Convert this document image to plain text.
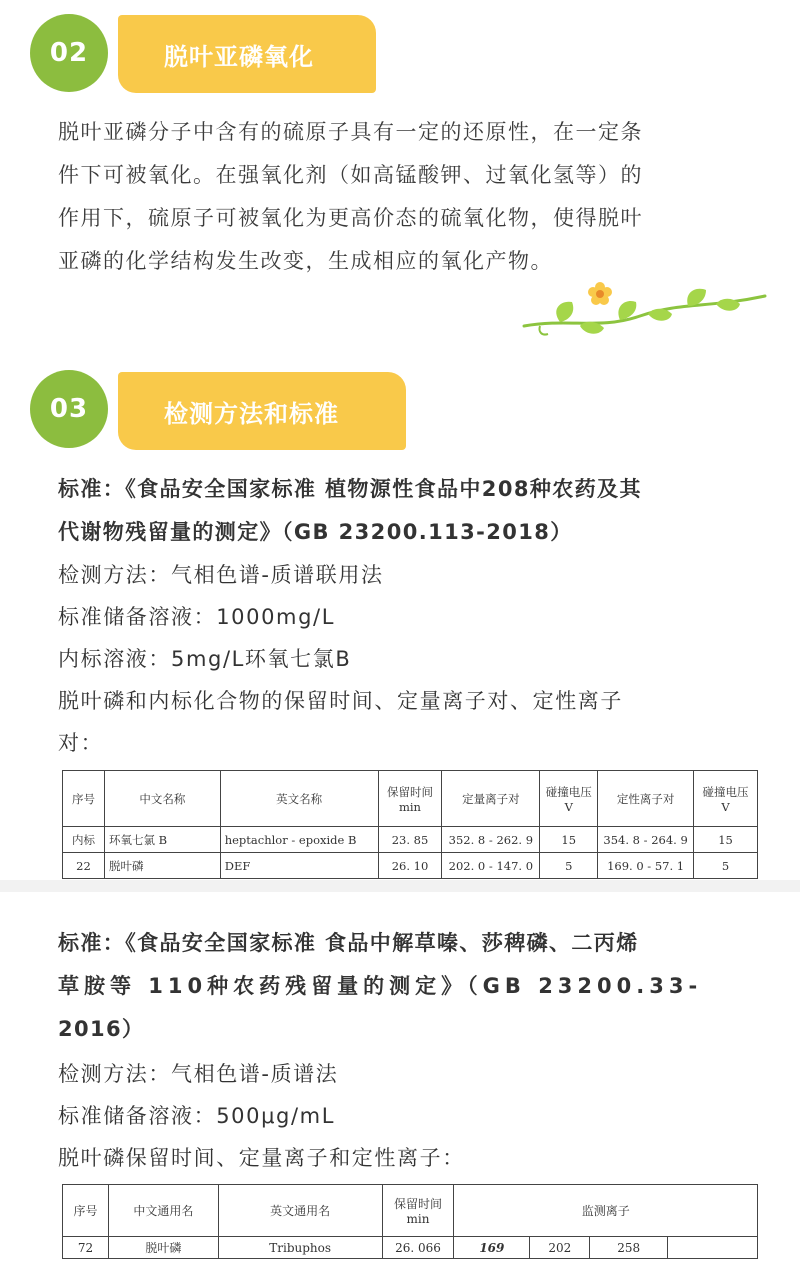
脱叶亚磷氧化
02
脱叶亚磷分子中含有的硫原子具有一定的还原性，在一定条
件下可被氧化。在强氧化剂（如高锰酸钾、过氧化氢等）的
作用下，硫原子可被氧化为更高价态的硫氧化物，使得脱叶
亚磷的化学结构发生改变，生成相应的氧化产物。
检测方法和标准
03
标准：《食品安全国家标准 植物源性食品中208种农药及其
代谢物残留量的测定》（GB 23200.113-2018）
检测方法：气相色谱-质谱联用法
标准储备溶液：1000mg/L
内标溶液：5mg/L环氧七氯B
脱叶磷和内标化合物的保留时间、定量离子对、定性离子
对：
序号	中文名称	英文名称	保留时间 min	定量离子对	碰撞电压 V	定性离子对	碰撞电压 V
内标	环氧七氯 B	heptachlor - epoxide B	23. 85	352. 8 - 262. 9	15	354. 8 - 264. 9	15
22	脱叶磷	DEF	26. 10	202. 0 - 147. 0	5	169. 0 - 57. 1	5
标准：《食品安全国家标准 食品中解草嗪、莎稗磷、二丙烯
草胺等 110种农药残留量的测定》（GB 23200.33-
2016）
检测方法：气相色谱-质谱法
标准储备溶液：500μg/mL
脱叶磷保留时间、定量离子和定性离子：
序号	中文通用名	英文通用名	保留时间 min	监测离子			
72	脱叶磷	Tribuphos	26. 066	169	202	258	
